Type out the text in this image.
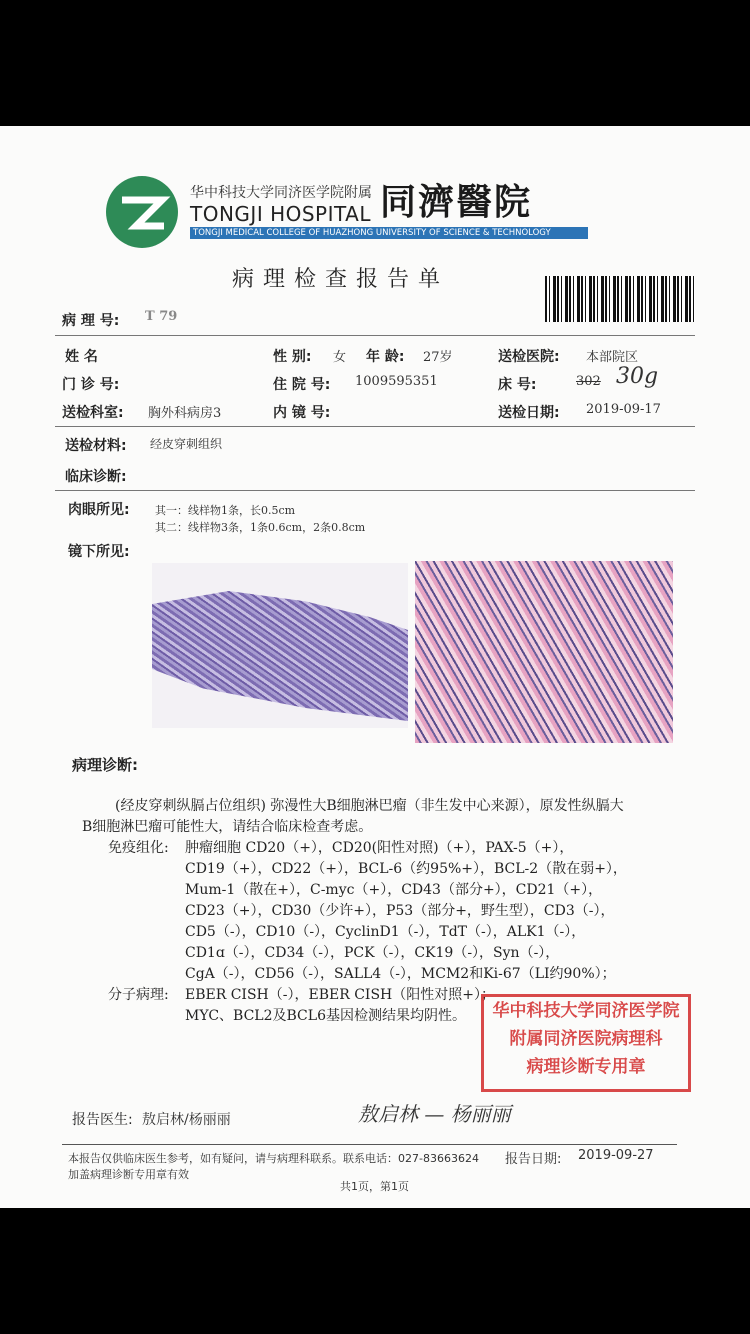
华中科技大学同济医学院附属
TONGJI HOSPITAL 同濟醫院
TONGJI MEDICAL COLLEGE OF HUAZHONG UNIVERSITY OF SCIENCE & TECHNOLOGY
病理检查报告单
病 理 号: T 79
姓 名	性 别: 女 年 龄: 27岁	送检医院: 本部院区
门 诊 号:	住 院 号: 1009595351	床 号:	302 30g
送检科室: 胸外科病房3	内 镜 号:	送检日期: 2019-09-17
送检材料: 经皮穿刺组织
临床诊断:
肉眼所见: 其一：线样物1条，长0.5cm
其二：线样物3条，1条0.6cm，2条0.8cm
镜下所见:
病理诊断:
(经皮穿刺纵膈占位组织) 弥漫性大B细胞淋巴瘤（非生发中心来源），原发性纵膈大
B细胞淋巴瘤可能性大，请结合临床检查考虑。
免疫组化: 肿瘤细胞 CD20（+），CD20(阳性对照)（+），PAX-5（+），
CD19（+），CD22（+），BCL-6（约95%+），BCL-2（散在弱+），
Mum-1（散在+），C-myc（+），CD43（部分+），CD21（+），
CD23（+），CD30（少许+），P53（部分+，野生型），CD3（-），
CD5（-），CD10（-），CyclinD1（-），TdT（-），ALK1（-），
CD1ɑ（-），CD34（-），PCK（-），CK19（-），Syn（-），
CgA（-），CD56（-），SALL4（-），MCM2和Ki-67（LI约90%）；
分子病理: EBER CISH（-），EBER CISH（阳性对照+）；
MYC、BCL2及BCL6基因检测结果均阴性。	华中科技大学同济医学院
附属同济医院病理科
病理诊断专用章
报告医生: 敖启林/杨丽丽	敖启林 — 杨丽丽
本报告仅供临床医生参考，如有疑问，请与病理科联系。联系电话：027-83663624 报告日期: 2019-09-27
加盖病理诊断专用章有效
共1页，第1页
